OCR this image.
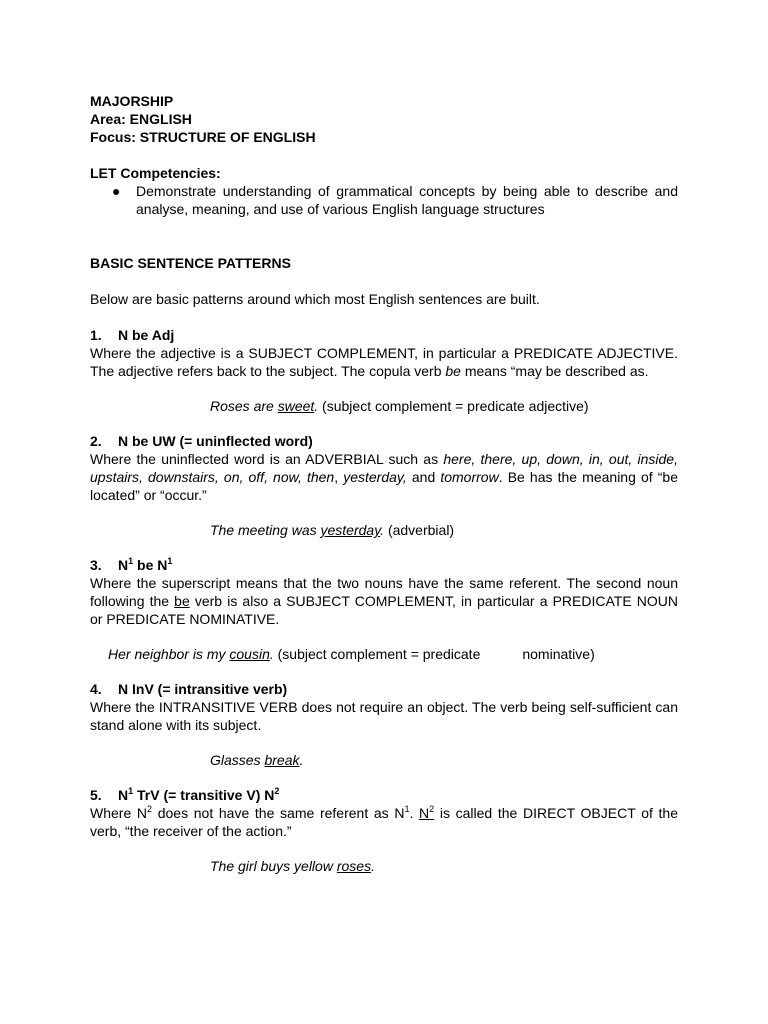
MAJORSHIP

Area: ENGLISH

Focus: STRUCTURE OF ENGLISH

LET Competencies:

● Demonstrate understanding of grammatical concepts by being able to describe and analyse, meaning, and use of various English language structures

BASIC SENTENCE PATTERNS

Below are basic patterns around which most English sentences are built.

1. N be Adj

Where the adjective is a SUBJECT COMPLEMENT, in particular a PREDICATE ADJECTIVE. The adjective refers back to the subject. The copula verb be means “may be described as.

Roses are sweet. (subject complement = predicate adjective)

2. N be UW (= uninflected word)

Where the uninflected word is an ADVERBIAL such as here, there, up, down, in, out, inside, upstairs, downstairs, on, off, now, then, yesterday, and tomorrow. Be has the meaning of “be located” or “occur.”

The meeting was yesterday. (adverbial)

3. $N^1$ be $N^1$

Where the superscript means that the two nouns have the same referent. The second noun following the be verb is also a SUBJECT COMPLEMENT, in particular a PREDICATE NOUN or PREDICATE NOMINATIVE.

Her neighbor is my cousin. (subject complement = predicate	nominative)

4. N InV (= intransitive verb)

Where the INTRANSITIVE VERB does not require an object. The verb being self-sufficient can stand alone with its subject.

Glasses break.

5. $N^1$ TrV (= transitive V) $N^2$

Where $N^2$ does not have the same referent as $N^1$. $N^2$ is called the DIRECT OBJECT of the verb, “the receiver of the action.”

The girl buys yellow roses.
